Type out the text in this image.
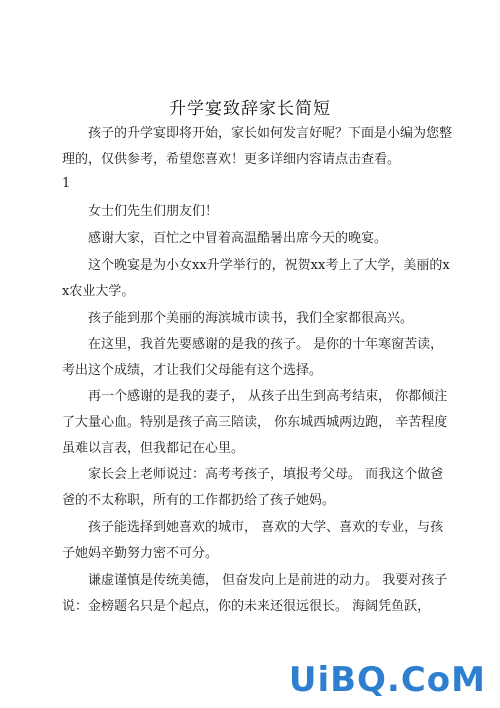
升学宴致辞家长简短

孩子的升学宴即将开始，家长如何发言好呢？下面是小编为您整理的，仅供参考，希望您喜欢！更多详细内容请点击查看。

1

女士们先生们朋友们！

感谢大家，百忙之中冒着高温酷暑出席今天的晚宴。

这个晚宴是为小女xx升学举行的，祝贺xx考上了大学，美丽的xx农业大学。

孩子能到那个美丽的海滨城市读书，我们全家都很高兴。

在这里，我首先要感谢的是我的孩子。 是你的十年寒窗苦读，考出这个成绩，才让我们父母能有这个选择。

再一个感谢的是我的妻子， 从孩子出生到高考结束， 你都倾注了大量心血。特别是孩子高三陪读， 你东城西城两边跑， 辛苦程度虽难以言表，但我都记在心里。

家长会上老师说过：高考考孩子，填报考父母。 而我这个做爸爸的不太称职，所有的工作都扔给了孩子她妈。

孩子能选择到她喜欢的城市， 喜欢的大学、喜欢的专业，与孩子她妈辛勤努力密不可分。

谦虚谨慎是传统美德， 但奋发向上是前进的动力。 我要对孩子说：金榜题名只是个起点，你的未来还很远很长。 海阔凭鱼跃，

UiBQ.CoM
